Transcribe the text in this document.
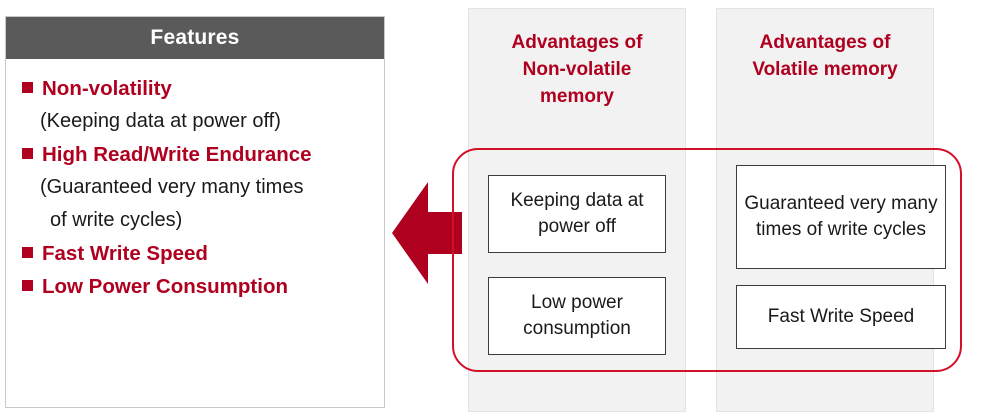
Features
Non-volatility
(Keeping data at power off)
High Read/Write Endurance
(Guaranteed very many times
of write cycles)
Fast Write Speed
Low Power Consumption
Advantages of
Non-volatile
memory
Advantages of
Volatile memory
Keeping data at power off
Low power consumption
Guaranteed very many times of write cycles
Fast Write Speed
